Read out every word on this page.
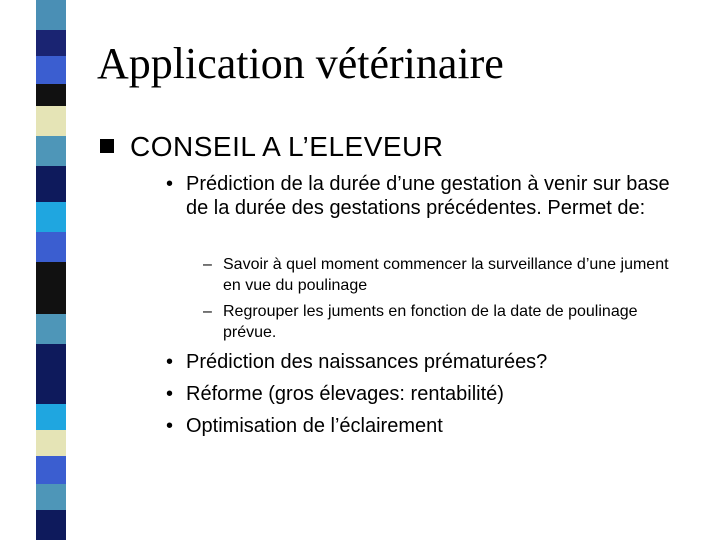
Application vétérinaire
CONSEIL A L’ELEVEUR
• Prédiction de la durée d’une gestation à venir sur base de la durée des gestations précédentes. Permet de:
– Savoir à quel moment commencer la surveillance d’une jument en vue du poulinage
– Regrouper les juments en fonction de la date de poulinage prévue.
• Prédiction des naissances prématurées?
• Réforme (gros élevages: rentabilité)
• Optimisation de l’éclairement
